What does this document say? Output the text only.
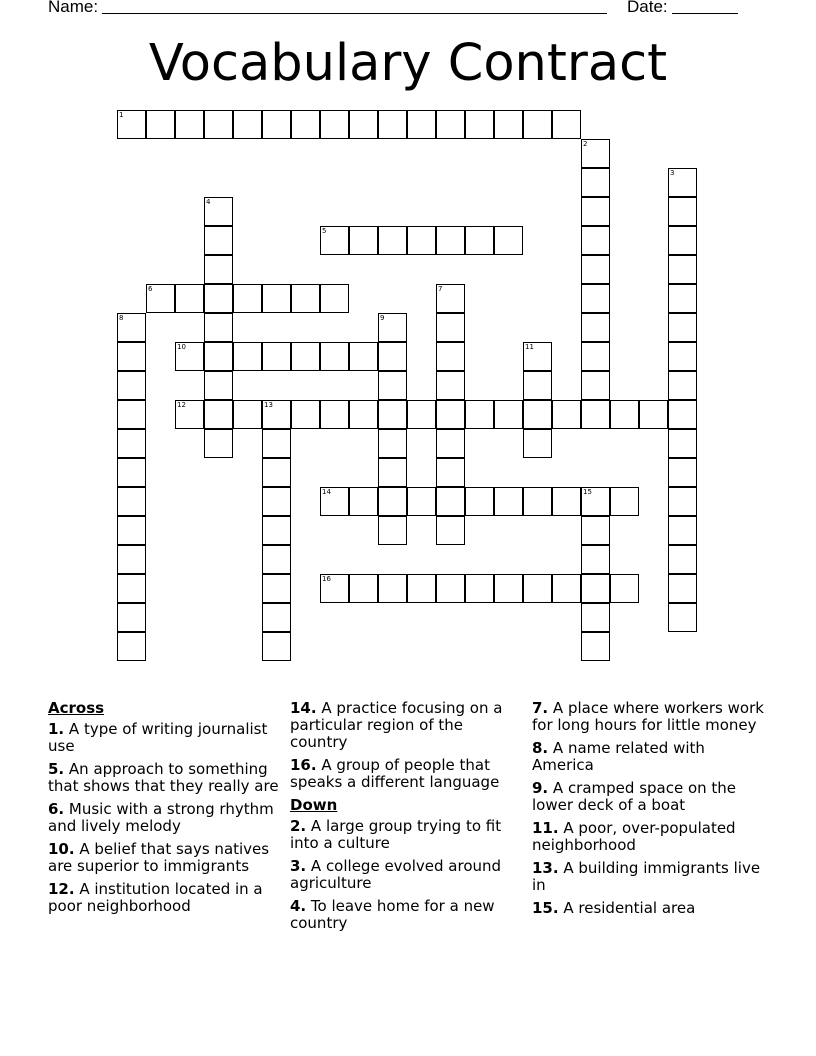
Name:	Date:
Vocabulary Contract
1
2
3
4
5
6	7
8	9
10	11
12	13
14	15
16
Across
1. A type of writing journalist use
5. An approach to something that shows that they really are
6. Music with a strong rhythm and lively melody
10. A belief that says natives are superior to immigrants
12. A institution located in a poor neighborhood
14. A practice focusing on a particular region of the country
16. A group of people that speaks a different language
Down
2. A large group trying to fit into a culture
3. A college evolved around agriculture
4. To leave home for a new country
7. A place where workers work for long hours for little money
8. A name related with America
9. A cramped space on the lower deck of a boat
11. A poor, over-populated neighborhood
13. A building immigrants live in
15. A residential area
